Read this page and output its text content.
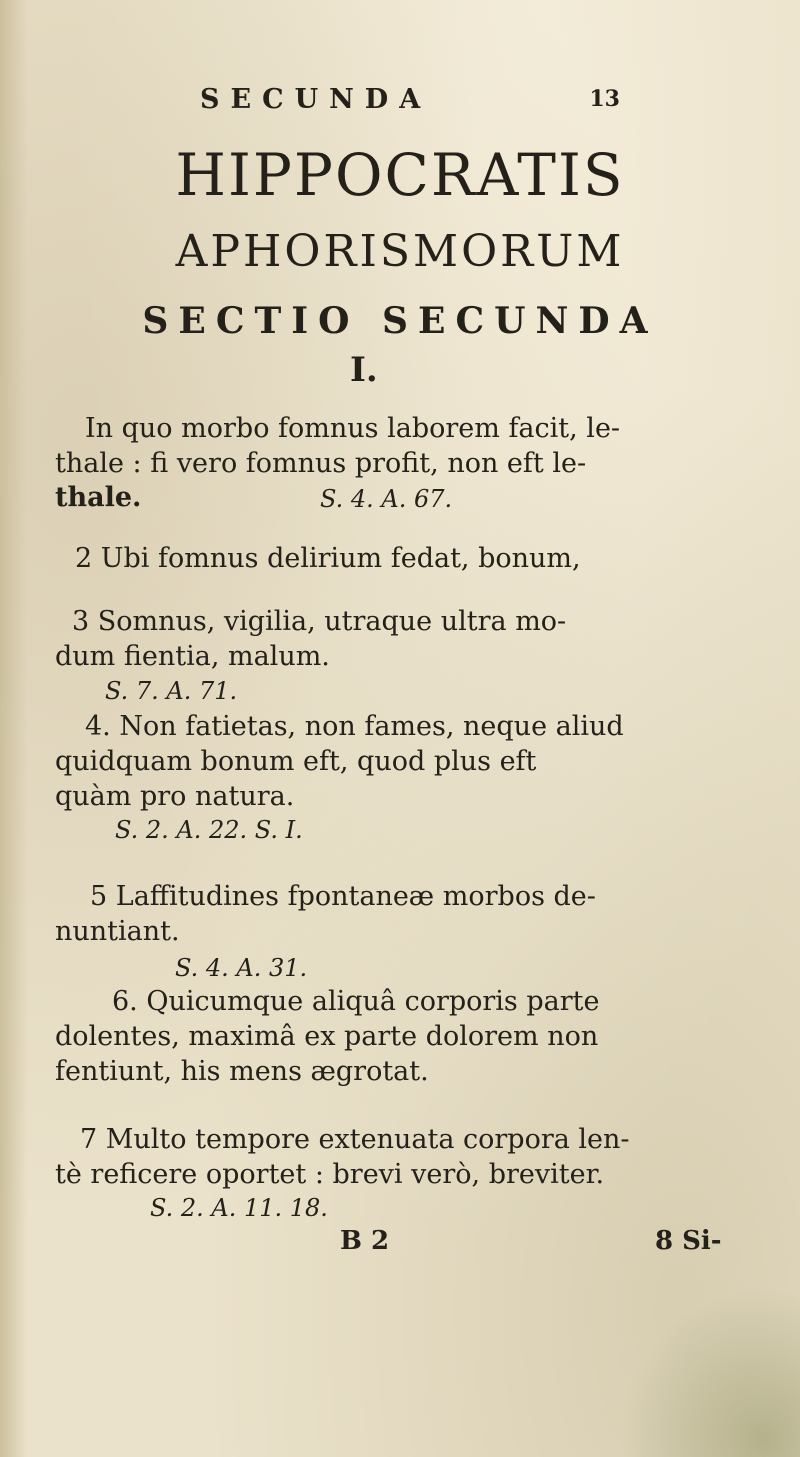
SECUNDA	13
HIPPOCRATIS
APHORISMORUM
SECTIO SECUNDA
I.
In quo morbo fomnus laborem facit, le-
thale : fi vero fomnus profit, non eft le-
thale.	S. 4. A. 67.
2 Ubi fomnus delirium fedat, bonum,
3 Somnus, vigilia, utraque ultra mo-
dum fientia, malum.
S. 7. A. 71.
4. Non fatietas, non fames, neque aliud
quidquam bonum eft, quod plus eft
quàm pro natura.
S. 2. A. 22. S. I.
5 Laffitudines fpontaneæ morbos de-
nuntiant.
S. 4. A. 31.
6. Quicumque aliquâ corporis parte
dolentes, maximâ ex parte dolorem non
fentiunt, his mens ægrotat.
7 Multo tempore extenuata corpora len-
tè reficere oportet : brevi verò, breviter.
S. 2. A. 11. 18.
B 2	8 Si-
